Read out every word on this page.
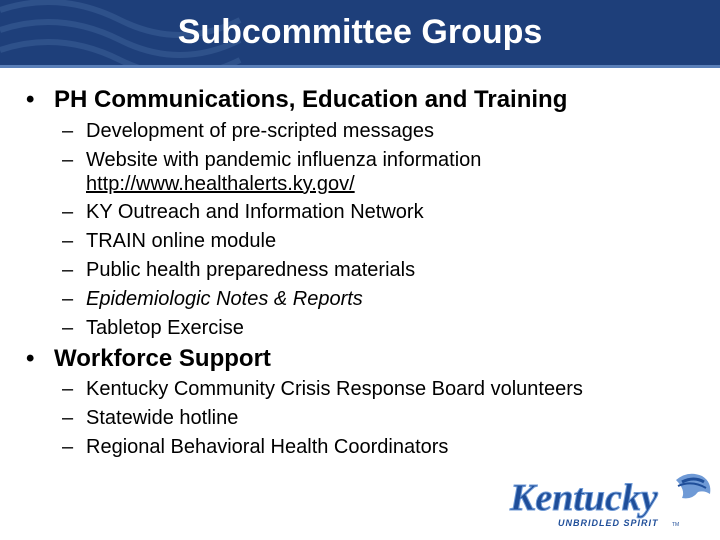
Subcommittee Groups
• PH Communications, Education and Training
– Development of pre-scripted messages
– Website with pandemic influenza information
http://www.healthalerts.ky.gov/
– KY Outreach and Information Network
– TRAIN online module
– Public health preparedness materials
– Epidemiologic Notes & Reports
– Tabletop Exercise
• Workforce Support
– Kentucky Community Crisis Response Board volunteers
– Statewide hotline
– Regional Behavioral Health Coordinators
Kentucky
UNBRIDLED SPIRIT	TM
